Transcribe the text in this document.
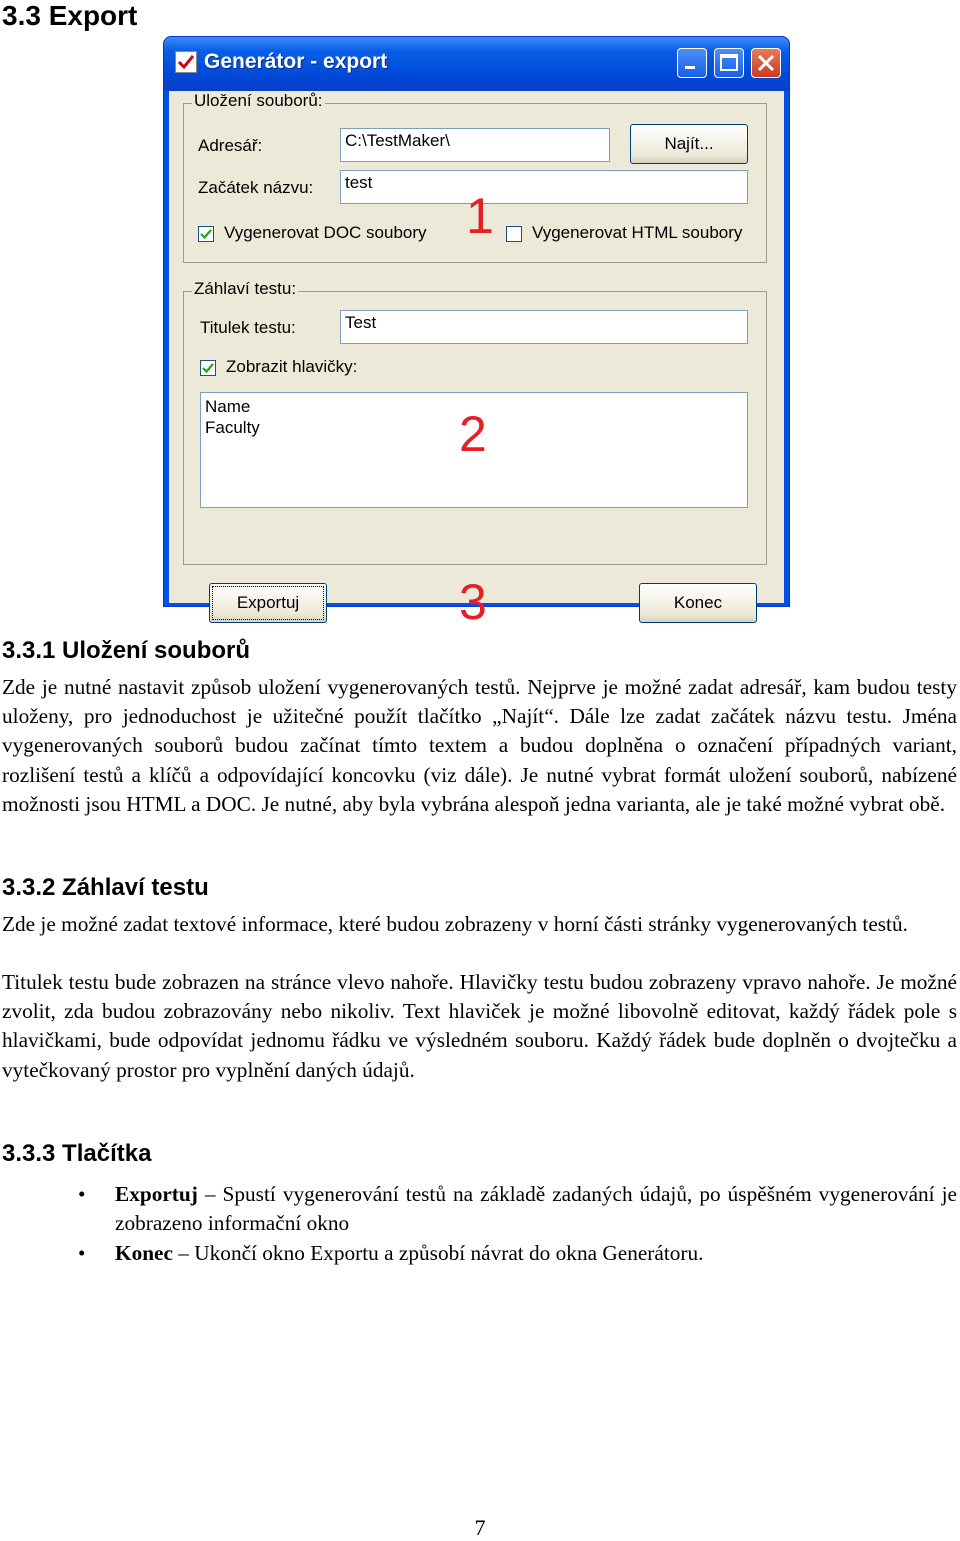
3.3 Export
Generátor - export
Uložení souborů:
Adresář:	C:\TestMaker\	Najít...
Začátek názvu: test
Vygenerovat DOC soubory	Vygenerovat HTML soubory
Záhlaví testu:
Titulek testu:	Test
Zobrazit hlavičky:
Name
Faculty
Exportuj	Konec
1
2
3
3.3.1 Uložení souborů

Zde je nutné nastavit způsob uložení vygenerovaných testů. Nejprve je možné zadat adresář, kam budou testy uloženy, pro jednoduchost je užitečné použít tlačítko „Najít“. Dále lze zadat začátek názvu testu. Jména vygenerovaných souborů budou začínat tímto textem a budou doplněna o označení případných variant, rozlišení testů a klíčů a odpovídající koncovku (viz dále). Je nutné vybrat formát uložení souborů, nabízené možnosti jsou HTML a DOC. Je nutné, aby byla vybrána alespoň jedna varianta, ale je také možné vybrat obě.

3.3.2 Záhlaví testu

Zde je možné zadat textové informace, které budou zobrazeny v horní části stránky vygenerovaných testů.

Titulek testu bude zobrazen na stránce vlevo nahoře. Hlavičky testu budou zobrazeny vpravo nahoře. Je možné zvolit, zda budou zobrazovány nebo nikoliv. Text hlaviček je možné libovolně editovat, každý řádek pole s hlavičkami, bude odpovídat jednomu řádku ve výsledném souboru. Každý řádek bude doplněn o dvojtečku a vytečkovaný prostor pro vyplnění daných údajů.

3.3.3 Tlačítka
• Exportuj – Spustí vygenerování testů na základě zadaných údajů, po úspěšném vygenerování je zobrazeno informační okno
• Konec – Ukončí okno Exportu a způsobí návrat do okna Generátoru.
7
